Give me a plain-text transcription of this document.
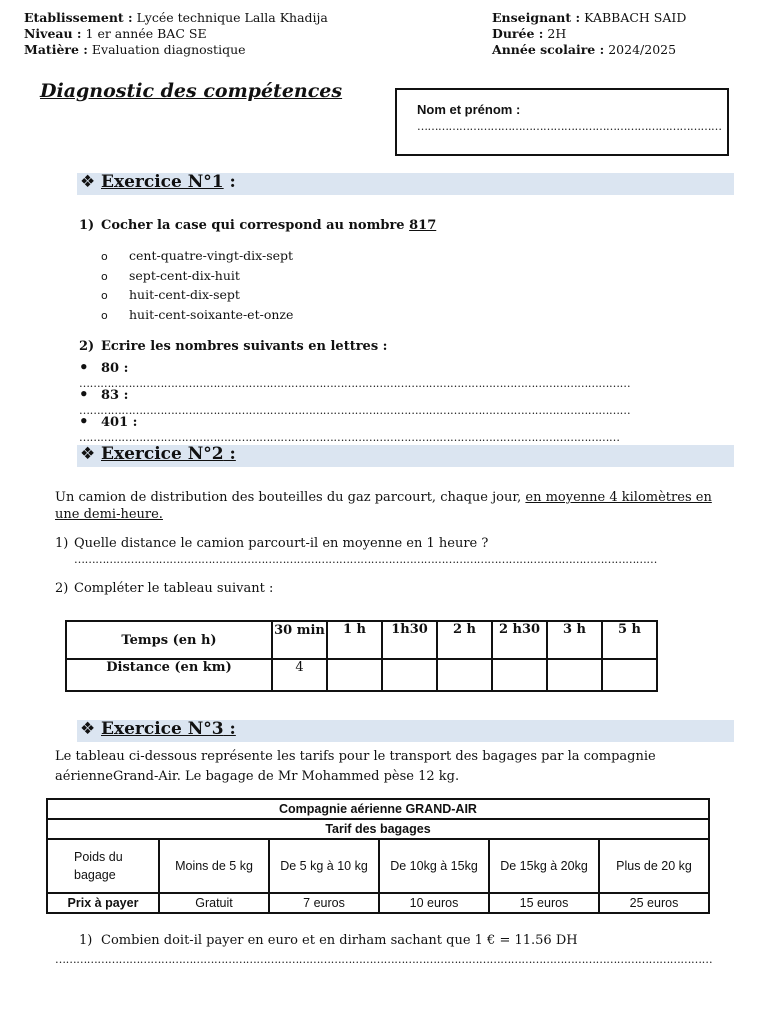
Etablissement : Lycée technique Lalla Khadija
Niveau : 1 er année BAC SE
Matière : Evaluation diagnostique
Enseignant : KABBACH SAID
Durée : 2H
Année scolaire : 2024/2025
Diagnostic des compétences
Nom et prénom :
……………………………………………………………………………
❖ Exercice N°1 :
1) Cocher la case qui correspond au nombre 817
o cent-quatre-vingt-dix-sept
o sept-cent-dix-huit
o huit-cent-dix-sept
o huit-cent-soixante-et-onze
2) Ecrire les nombres suivants en lettres :
• 80 : …………………………………………………………………………………………………………………………………………
• 83 : …………………………………………………………………………………………………………………………………………
• 401 : ………………………………………………………………………………………………………………………………………
❖ Exercice N°2 :
Un camion de distribution des bouteilles du gaz parcourt, chaque jour, en moyenne 4 kilomètres en
une demi-heure.
1) Quelle distance le camion parcourt-il en moyenne en 1 heure ?
…………………………………………………………………………………………………………………………………………………
2) Compléter le tableau suivant :
Temps (en h)	30 min	1 h	1h30	2 h	2 h30	3 h	5 h
Distance (en km)	4						
❖ Exercice N°3 :
Le tableau ci-dessous représente les tarifs pour le transport des bagages par la compagnie
aérienneGrand-Air. Le bagage de Mr Mohammed pèse 12 kg.
Compagnie aérienne GRAND-AIR					
Tarif des bagages					
Poids du bagage	Moins de 5 kg	De 5 kg à 10 kg	De 10kg à 15kg	De 15kg à 20kg	Plus de 20 kg
Prix à payer	Gratuit	7 euros	10 euros	15 euros	25 euros
1) Combien doit-il payer en euro et en dirham sachant que 1 € = 11.56 DH
……………………………………………………………………………………………………………………………………………………………………
